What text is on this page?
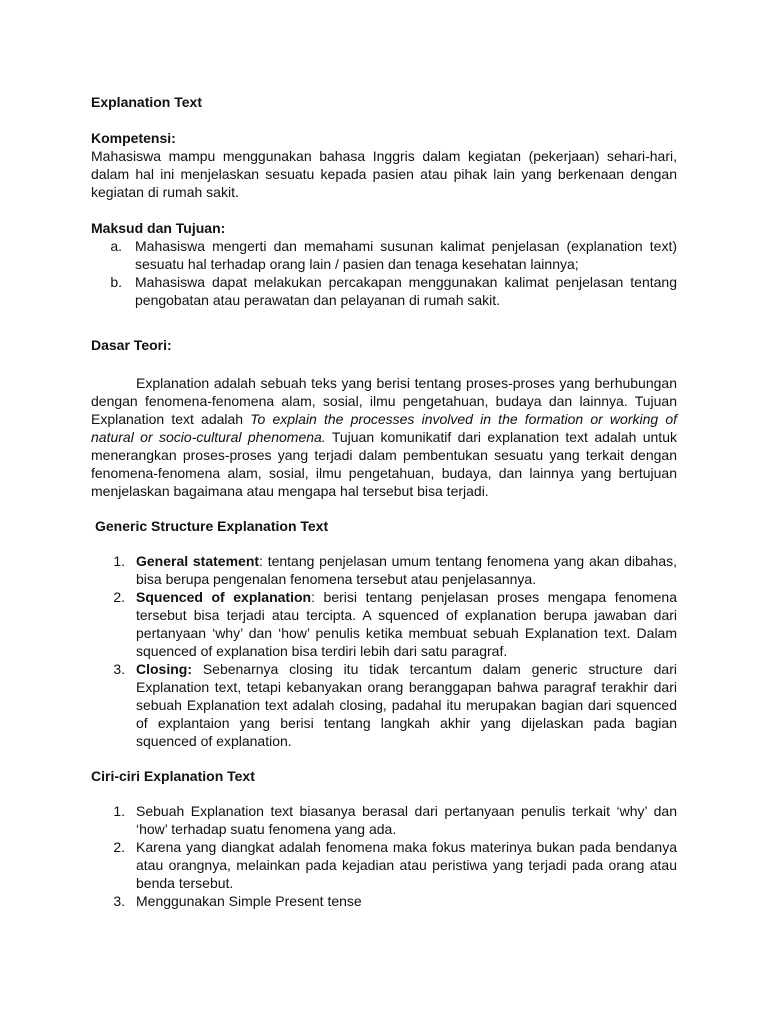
Explanation Text

Kompetensi:

Mahasiswa mampu menggunakan bahasa Inggris dalam kegiatan (pekerjaan) sehari-hari, dalam hal ini menjelaskan sesuatu kepada pasien atau pihak lain yang berkenaan dengan kegiatan di rumah sakit.

Maksud dan Tujuan:

a. Mahasiswa mengerti dan memahami susunan kalimat penjelasan (explanation text) sesuatu hal terhadap orang lain / pasien dan tenaga kesehatan lainnya;
b. Mahasiswa dapat melakukan percakapan menggunakan kalimat penjelasan tentang pengobatan atau perawatan dan pelayanan di rumah sakit.

Dasar Teori:

Explanation adalah sebuah teks yang berisi tentang proses-proses yang berhubungan dengan fenomena-fenomena alam, sosial, ilmu pengetahuan, budaya dan lainnya. Tujuan Explanation text adalah To explain the processes involved in the formation or working of natural or socio-cultural phenomena. Tujuan komunikatif dari explanation text adalah untuk menerangkan proses-proses yang terjadi dalam pembentukan sesuatu yang terkait dengan fenomena-fenomena alam, sosial, ilmu pengetahuan, budaya, dan lainnya yang bertujuan menjelaskan bagaimana atau mengapa hal tersebut bisa terjadi.

Generic Structure Explanation Text

1. General statement: tentang penjelasan umum tentang fenomena yang akan dibahas, bisa berupa pengenalan fenomena tersebut atau penjelasannya.
2. Squenced of explanation: berisi tentang penjelasan proses mengapa fenomena tersebut bisa terjadi atau tercipta. A squenced of explanation berupa jawaban dari pertanyaan ‘why’ dan ‘how’ penulis ketika membuat sebuah Explanation text. Dalam squenced of explanation bisa terdiri lebih dari satu paragraf.
3. Closing: Sebenarnya closing itu tidak tercantum dalam generic structure dari Explanation text, tetapi kebanyakan orang beranggapan bahwa paragraf terakhir dari sebuah Explanation text adalah closing, padahal itu merupakan bagian dari squenced of explantaion yang berisi tentang langkah akhir yang dijelaskan pada bagian squenced of explanation.

Ciri-ciri Explanation Text

1. Sebuah Explanation text biasanya berasal dari pertanyaan penulis terkait ‘why’ dan ‘how’ terhadap suatu fenomena yang ada.
2. Karena yang diangkat adalah fenomena maka fokus materinya bukan pada bendanya atau orangnya, melainkan pada kejadian atau peristiwa yang terjadi pada orang atau benda tersebut.
3. Menggunakan Simple Present tense
